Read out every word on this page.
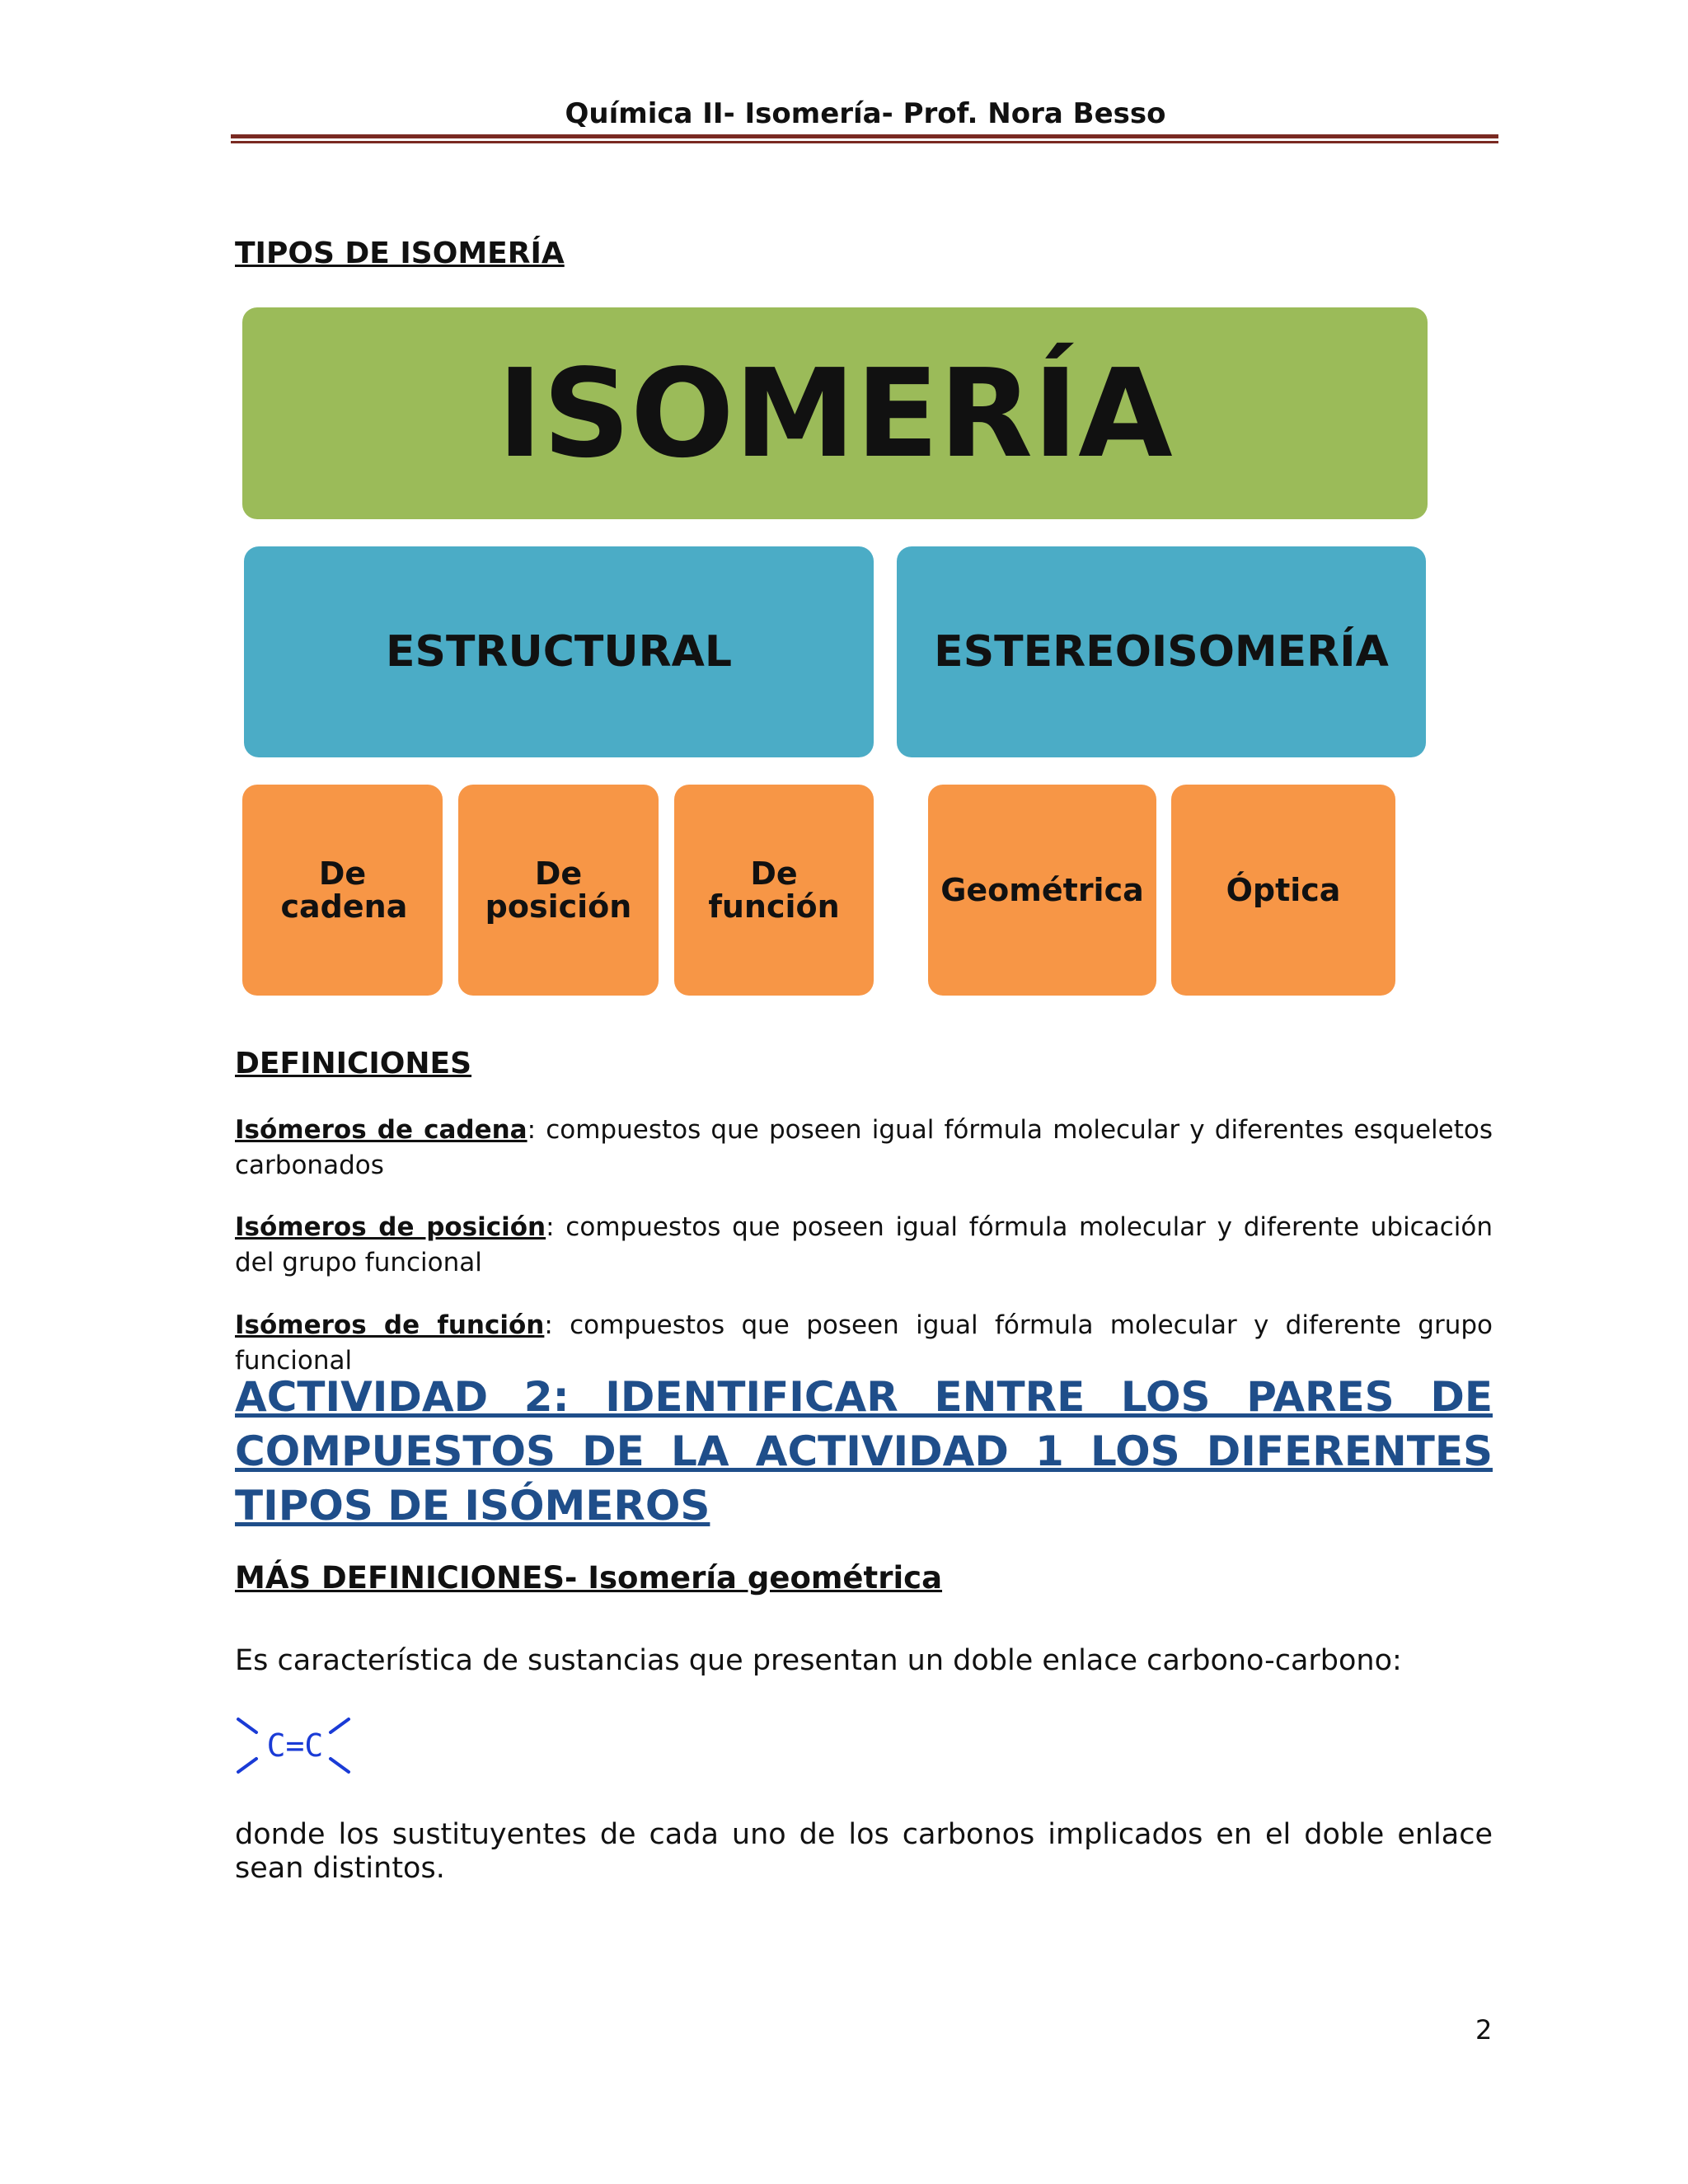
Química II- Isomería- Prof. Nora Besso
TIPOS DE ISOMERÍA
ISOMERÍA
ESTRUCTURAL	ESTEREOISOMERÍA
De cadena
De posición
De función	Geométrica	Óptica
DEFINICIONES

Isómeros de cadena: compuestos que poseen igual fórmula molecular y diferentes esqueletos carbonados

Isómeros de posición: compuestos que poseen igual fórmula molecular y diferente ubicación del grupo funcional

Isómeros de función: compuestos que poseen igual fórmula molecular y diferente grupo funcional

ACTIVIDAD 2: IDENTIFICAR ENTRE LOS PARES DE COMPUESTOS DE LA ACTIVIDAD 1 LOS DIFERENTES TIPOS DE ISÓMEROS
MÁS DEFINICIONES- Isomería geométrica

Es característica de sustancias que presentan un doble enlace carbono-carbono:

C=C

donde los sustituyentes de cada uno de los carbonos implicados en el doble enlace sean distintos.

2
